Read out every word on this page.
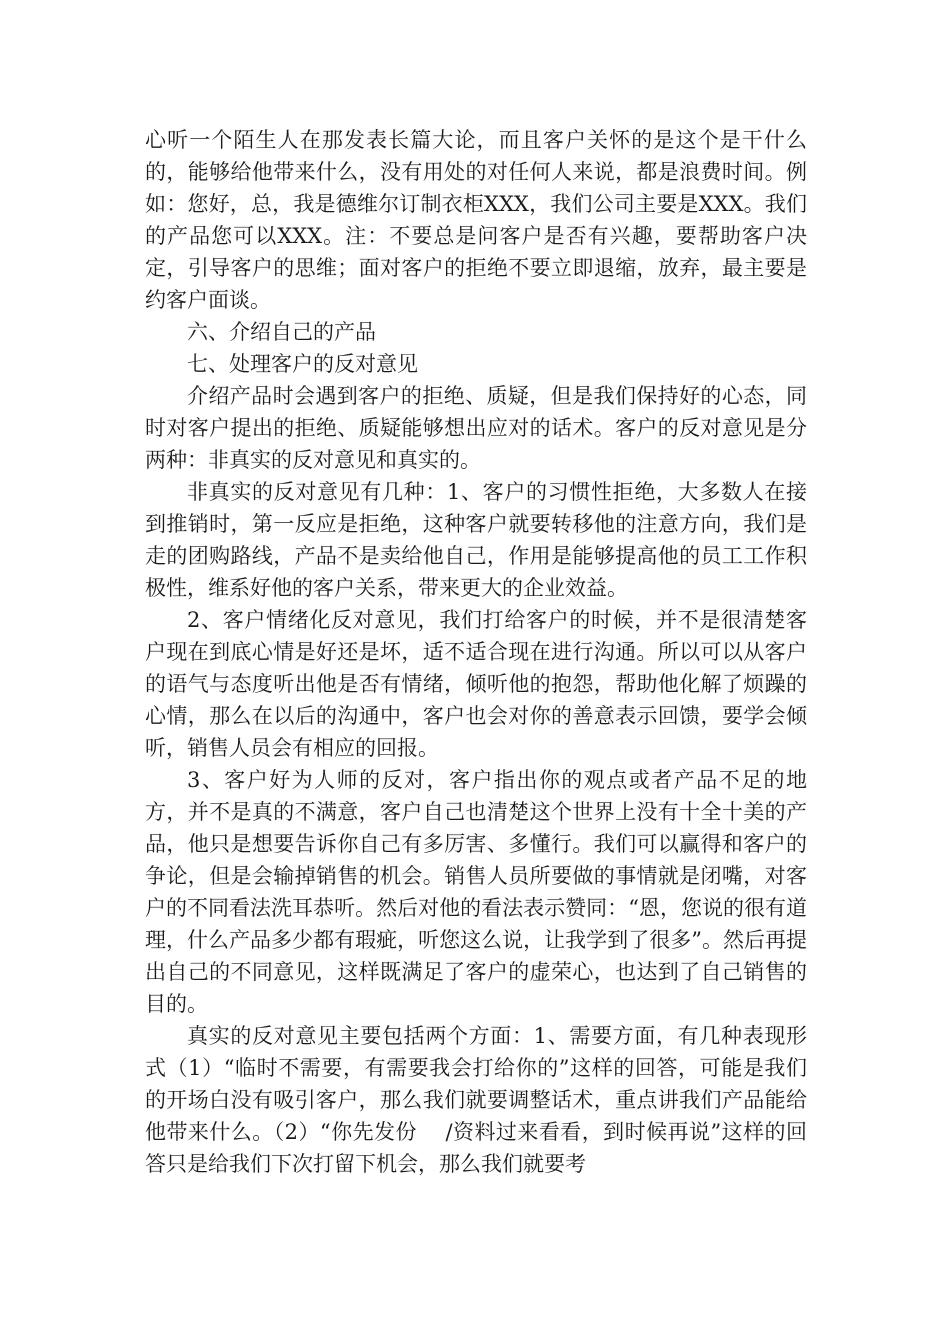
心听一个陌生人在那发表长篇大论，而且客户关怀的是这个是干什么的，能够给他带来什么，没有用处的对任何人来说，都是浪费时间。例如：您好，总，我是德维尔订制衣柜XXX，我们公司主要是XXX。我们的产品您可以XXX。注：不要总是问客户是否有兴趣，要帮助客户决定，引导客户的思维；面对客户的拒绝不要立即退缩，放弃，最主要是约客户面谈。

六、介绍自己的产品

七、处理客户的反对意见

介绍产品时会遇到客户的拒绝、质疑，但是我们保持好的心态，同时对客户提出的拒绝、质疑能够想出应对的话术。客户的反对意见是分两种：非真实的反对意见和真实的。

非真实的反对意见有几种：1、客户的习惯性拒绝，大多数人在接到推销时，第一反应是拒绝，这种客户就要转移他的注意方向，我们是走的团购路线，产品不是卖给他自己，作用是能够提高他的员工工作积极性，维系好他的客户关系，带来更大的企业效益。

2、客户情绪化反对意见，我们打给客户的时候，并不是很清楚客户现在到底心情是好还是坏，适不适合现在进行沟通。所以可以从客户的语气与态度听出他是否有情绪，倾听他的抱怨，帮助他化解了烦躁的心情，那么在以后的沟通中，客户也会对你的善意表示回馈，要学会倾听，销售人员会有相应的回报。

3、客户好为人师的反对，客户指出你的观点或者产品不足的地方，并不是真的不满意，客户自己也清楚这个世界上没有十全十美的产品，他只是想要告诉你自己有多厉害、多懂行。我们可以赢得和客户的争论，但是会输掉销售的机会。销售人员所要做的事情就是闭嘴，对客户的不同看法洗耳恭听。然后对他的看法表示赞同：“恩，您说的很有道理，什么产品多少都有瑕疵，听您这么说，让我学到了很多”。然后再提出自己的不同意见，这样既满足了客户的虚荣心，也达到了自己销售的目的。

真实的反对意见主要包括两个方面：1、需要方面，有几种表现形式（1）“临时不需要，有需要我会打给你的”这样的回答，可能是我们的开场白没有吸引客户，那么我们就要调整话术，重点讲我们产品能给他带来什么。（2）“你先发份　 /资料过来看看，到时候再说”这样的回答只是给我们下次打留下机会，那么我们就要考
